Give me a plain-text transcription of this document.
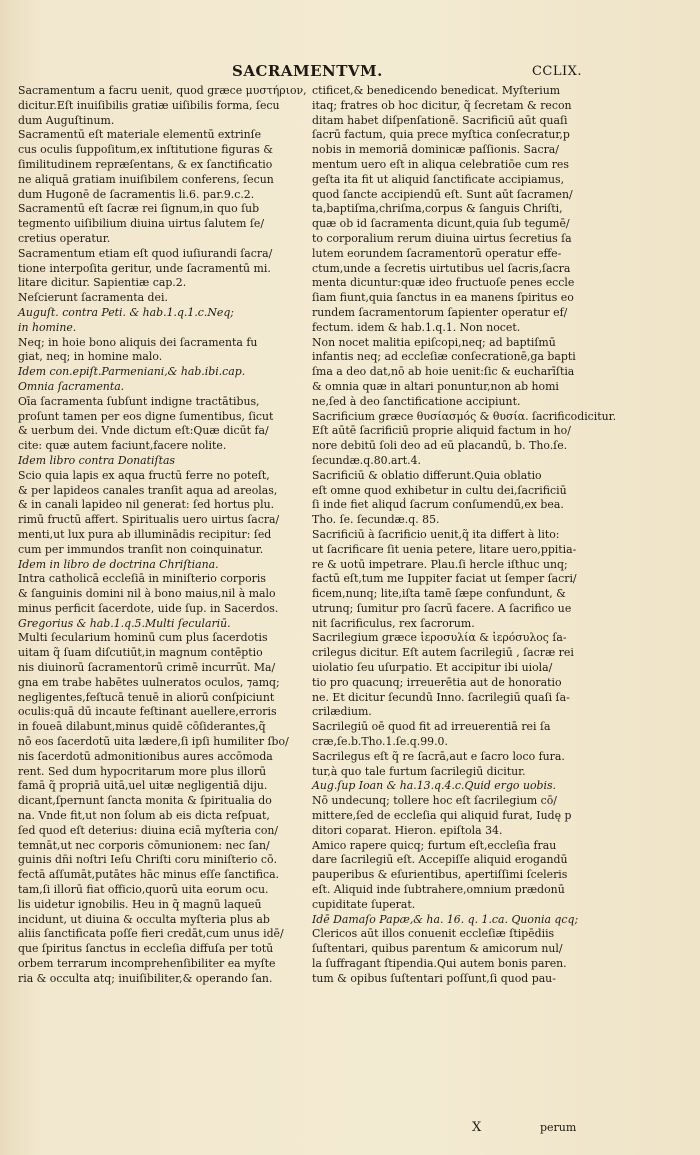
SACRAMENTVM.	CCLIX.
Sacramentum a facru uenit, quod græce μυστήριον,
dicitur.Eſt inuiſibilis gratiæ uiſibilis forma, ſecu
dum Auguſtinum.
Sacramentū eſt materiale elementū extrinſe
cus oculis ſuppoſitum,ex inſtitutione figuras &
ſimilitudinem repræſentans, & ex ſanctificatio
ne aliquā gratiam inuiſibilem conferens, ſecun
dum Hugonē de ſacramentis li.6. par.9.c.2.
Sacramentū eſt ſacræ rei ſignum,in quo ſub
tegmento uiſibilium diuina uirtus ſalutem ſe/
cretius operatur.
Sacramentum etiam eſt quod iuſiurandi ſacra/
tione interpoſita geritur, unde ſacramentū mi.
litare dicitur. Sapientiæ cap.2.
Neſcierunt ſacramenta dei.
Auguſt. contra Peti. & hab.1.q.1.c.Neq;
in homine.
Neq; in hoie bono aliquis dei ſacramenta fu
giat, neq; in homine malo.
Idem con.epiſt.Parmeniani,& hab.ibi.cap.
Omnia ſacramenta.
Oīa ſacramenta ſubſunt indigne tractātibus,
proſunt tamen per eos digne ſumentibus, ſicut
& uerbum dei. Vnde dictum eſt:Quæ dicūt fa/
cite: quæ autem faciunt,facere nolite.
Idem libro contra Donatiſtas
Scio quia lapis ex aqua fructū ferre no poteſt,
& per lapideos canales tranſit aqua ad areolas,
& in canali lapideo nil generat: ſed hortus plu.
rimū fructū affert. Spiritualis uero uirtus ſacra/
menti,ut lux pura ab illuminādis recipitur: ſed
cum per immundos tranſit non coinquinatur.
Idem in libro de doctrina Chriſtiana.
Intra catholicā eccleſiā in miniſterio corporis
& ſanguinis domini nil à bono maius,nil à malo
minus perficit ſacerdote, uide ſup. in Sacerdos.
Gregorius & hab.1.q.5.Multi ſeculariū.
Multi ſecularium hominū cum plus ſacerdotis
uitam q̃ ſuam diſcutiūt,in magnum contēptio
nis diuinorū ſacramentorū crimē incurrūt. Ma/
gna em trabe habētes uulneratos oculos, ⁊amq;
negligentes,feſtucā tenuē in aliorū conſpiciunt
oculis:quā dū incaute feſtinant auellere,erroris
in foueā dilabunt,minus quidē cōſiderantes,q̃
nō eos ſacerdotū uita lædere,ſi ipſi humiliter ſbo/
nis ſacerdotū admonitionibus aures accōmoda
rent. Sed dum hypocritarum more plus illorū
famā q̃ propriā uitā,uel uitæ negligentiā diju.
dicant,ſpernunt ſancta monita & ſpiritualia do
na. Vnde fit,ut non ſolum ab eis dicta reſpuat,
ſed quod eſt deterius: diuina eciā myſteria con/
temnāt,ut nec corporis cōmunionem: nec ſan/
guinis dn̄i noſtri Ieſu Chriſti coru miniſterio cō.
fectā aſſumāt,putātes hāc minus eſſe ſanctifica.
tam,ſi illorū fiat officio,quorū uita eorum ocu.
lis uidetur ignobilis. Heu in q̃ magnū laqueū
incidunt, ut diuina & occulta myſteria plus ab
aliis ſanctificata poſſe fieri credāt,cum unus idē/
que ſpiritus ſanctus in eccleſia diffuſa per totū
orbem terrarum incomprehenſibiliter ea myſte
ria & occulta atq; inuiſibiliter,& operando ſan.
ctificet,& benedicendo benedicat. Myſterium
itaq; fratres ob hoc dicitur, q̃ ſecretam & recon
ditam habet diſpenſationē. Sacrificiū aūt quaſi
ſacrū factum, quia prece myſtica conſecratur,p
nobis in memoriā dominicæ paſſionis. Sacra/
mentum uero eſt in aliqua celebratiōe cum res
geſta ita fit ut aliquid ſanctificate accipiamus,
quod ſancte accipiendū eſt. Sunt aūt ſacramen/
ta,baptiſma,chriſma,corpus & ſanguis Chriſti,
quæ ob id ſacramenta dicunt,quia ſub tegumē/
to corporalium rerum diuina uirtus ſecretius ſa
lutem eorundem ſacramentorū operatur effe-
ctum,unde a ſecretis uirtutibus uel ſacris,ſacra
menta dicuntur:quæ ideo fructuoſe penes eccle
ſiam fiunt,quia ſanctus in ea manens ſpiritus eo
rundem ſacramentorum ſapienter operatur ef/
fectum. idem & hab.1.q.1. Non nocet.
Non nocet malitia epiſcopi,neq; ad baptiſmū
infantis neq; ad eccleſiæ conſecrationē,ga bapti
ſma a deo dat,nō ab hoie uenit:ſic & eucharīſtia
& omnia quæ in altari ponuntur,non ab homi
ne,ſed à deo ſanctificatione accipiunt.
Sacrificium græce θυσίασμός & θυσία. ſacrificodicitur.
Eſt aūtē ſacrificiū proprie aliquid factum in ho/
nore debitū ſoli deo ad eū placandū, b. Tho.ſe.
ſecundæ.q.80.art.4.
Sacrificiū & oblatio differunt.Quia oblatio
eſt omne quod exhibetur in cultu dei,ſacrificiū
ſi inde fiet aliquḋ ſacrum conſumendū,ex bea.
Tho. ſe. ſecundæ.q. 85.
Sacrificiū à ſacrificio uenit,q̃ ita differt à lito:
ut ſacrificare ſit uenia petere, litare uero,ppitia-
re & uotū impetrare. Plau.ſi hercle iſthuc unq;
factū eſt,tum me Iuppiter faciat ut ſemper ſacri/
ficem,nunq; lite,iſta tamē ſæpe confundunt, &
utrunq; ſumitur pro ſacrū facere. A ſacrifico ue
nit ſacrificulus, rex ſacrorum.
Sacrilegium græce ἱεροσυλία & ἱερόσυλος ſa-
crilegus dicitur. Eſt autem ſacrilegiū , ſacræ rei
uiolatio ſeu uſurpatio. Et accipitur ibi uiola/
tio pro quacunq; irreuerētia aut de honoratio
ne. Et dicitur ſecundū Inno. ſacrilegiū quaſi ſa-
crilædium.
Sacrilegiū oē quod fit ad irreuerentiā rei ſa
cræ,ſe.b.Tho.1.ſe.q.99.0.
Sacrilegus eſt q̃ re ſacrā,aut e ſacro loco fura.
tur,à quo tale furtum ſacrilegiū dicitur.
Aug.ſup Ioan & ha.13.q.4.c.Quid ergo uobis.
Nō undecunq; tollere hoc eſt ſacrilegium cō/
mittere,ſed de eccleſia qui aliquid furat, Iudę p
ditori coparat. Hieron. epiſtola 34.
Amico rapere quicq; furtum eſt,eccleſia frau
dare ſacrilegiū eſt. Accepiſſe aliquid erogandū
pauperibus & eſurientibus, apertiſſimi ſceleris
eſt. Aliquid inde ſubtrahere,omnium prædonū
cupiditate ſuperat.
Idē Damaſo Papæ,& ha. 16. q. 1.ca. Quonia qcq;
Clericos aūt illos conuenit eccleſiæ ſtipēdiis
ſuſtentari, quibus parentum & amicorum nul/
la ſuffragant ſtipendia.Qui autem bonis paren.
tum & opibus ſuſtentari poſſunt,ſi quod pau-
X	perum
